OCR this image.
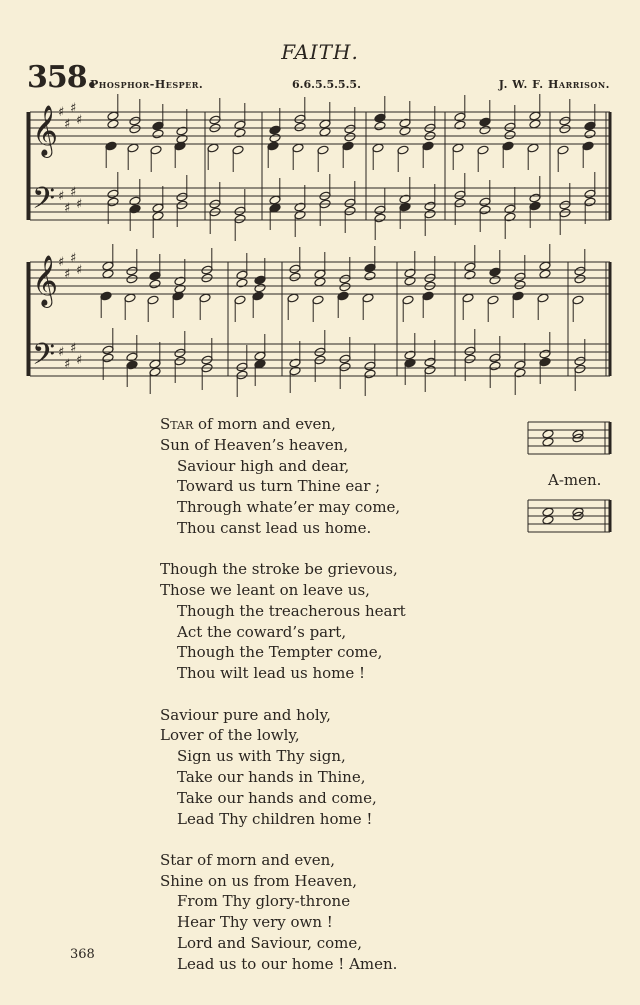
FAITH.
358.
Phosphor-Hesper.	6.6.5.5.5.5.	J. W. F. Harrison.
𝄞
𝄢
♯
♯
♯
♯
♯
♯
♯
♯
𝄞
𝄢
♯
♯
♯
♯
♯
♯
♯
♯
Star of morn and even,
Sun of Heaven’s heaven,
Saviour high and dear,
Toward us turn Thine ear ;
Through whate’er may come,
Thou canst lead us home.
Though the stroke be grievous,
Those we leant on leave us,
Though the treacherous heart
Act the coward’s part,
Though the Tempter come,
Thou wilt lead us home !
Saviour pure and holy,
Lover of the lowly,
Sign us with Thy sign,
Take our hands in Thine,
Take our hands and come,
Lead Thy children home !
Star of morn and even,
Shine on us from Heaven,
From Thy glory-throne
Hear Thy very own !
Lord and Saviour, come,
Lead us to our home ! Amen.
A-men.
368
